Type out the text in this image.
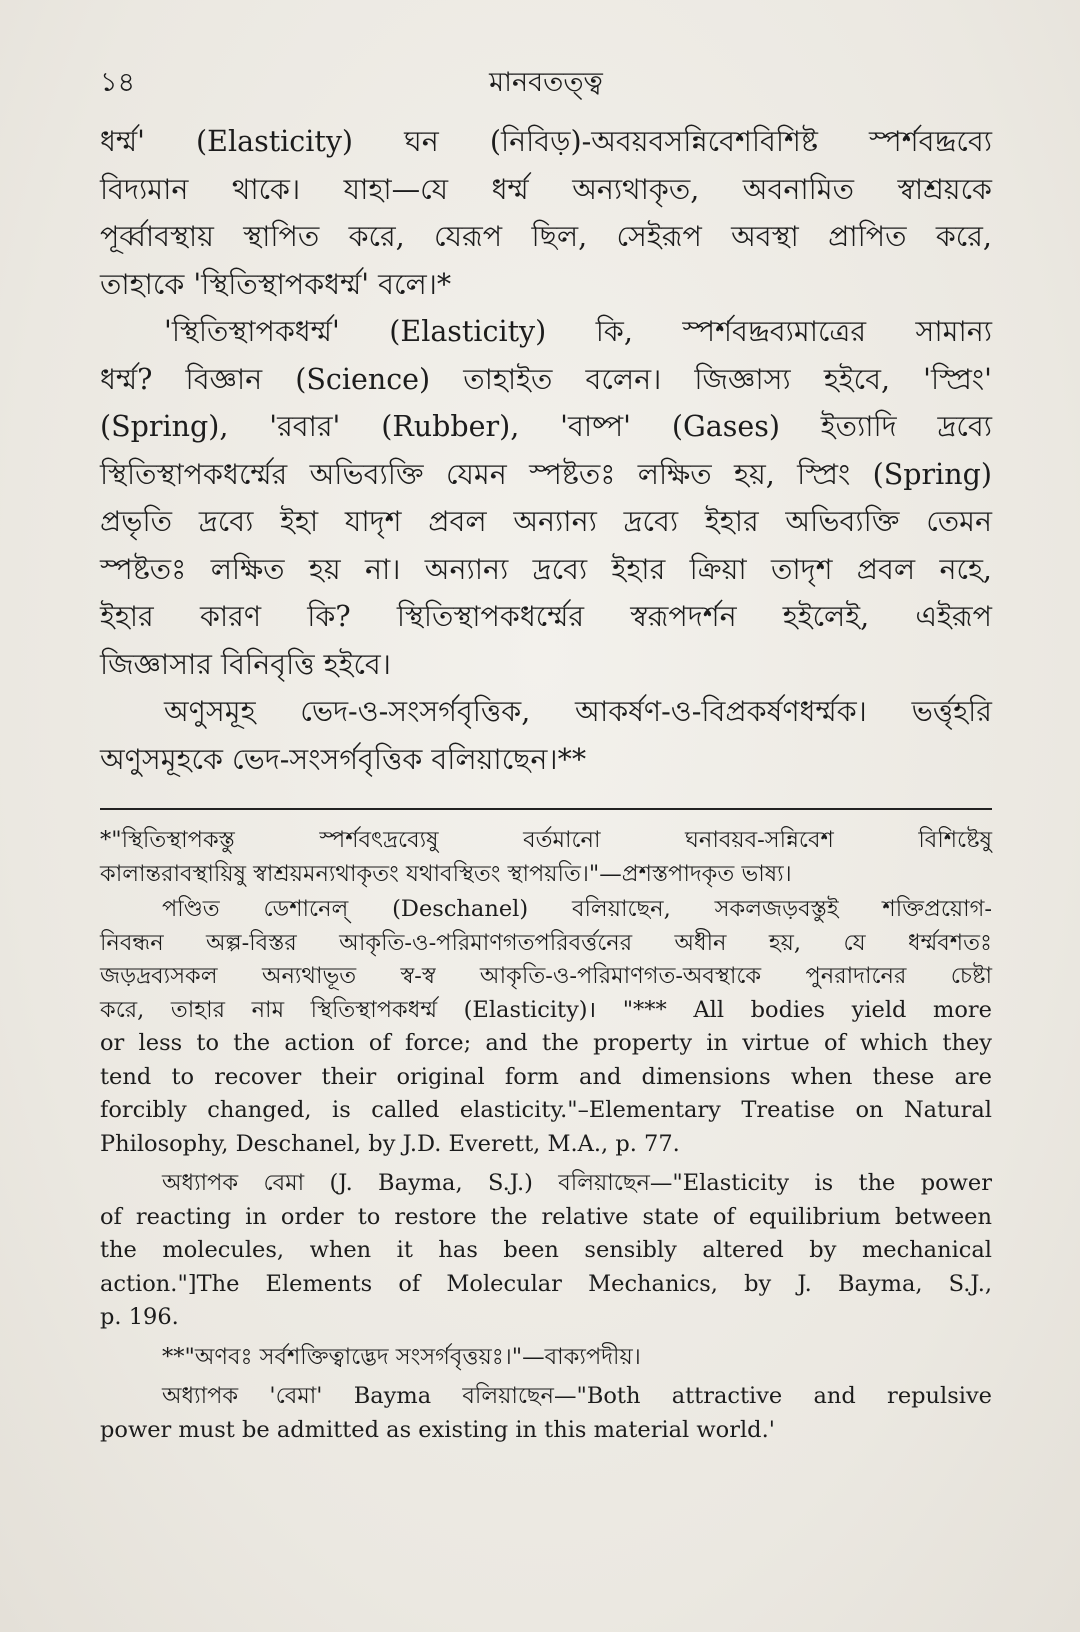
১৪	মানবতত্ত্ব
ধর্ম্ম' (Elasticity) ঘন (নিবিড়)-অবয়বসন্নিবেশবিশিষ্ট স্পর্শবদ্দ্রব্যে
বিদ্যমান থাকে। যাহা—যে ধর্ম্ম অন্যথাকৃত, অবনামিত স্বাশ্রয়কে
পূর্ব্বাবস্থায় স্থাপিত করে, যেরূপ ছিল, সেইরূপ অবস্থা প্রাপিত করে,
তাহাকে 'স্থিতিস্থাপকধর্ম্ম' বলে।*
'স্থিতিস্থাপকধর্ম্ম' (Elasticity) কি, স্পর্শবদ্দ্রব্যমাত্রের সামান্য
ধর্ম্ম? বিজ্ঞান (Science) তাহাইত বলেন। জিজ্ঞাস্য হইবে, 'স্প্রিং'
(Spring), 'রবার' (Rubber), 'বাষ্প' (Gases) ইত্যাদি দ্রব্যে
স্থিতিস্থাপকধর্ম্মের অভিব্যক্তি যেমন স্পষ্টতঃ লক্ষিত হয়, স্প্রিং (Spring)
প্রভৃতি দ্রব্যে ইহা যাদৃশ প্রবল অন্যান্য দ্রব্যে ইহার অভিব্যক্তি তেমন
স্পষ্টতঃ লক্ষিত হয় না। অন্যান্য দ্রব্যে ইহার ক্রিয়া তাদৃশ প্রবল নহে,
ইহার কারণ কি? স্থিতিস্থাপকধর্ম্মের স্বরূপদর্শন হইলেই, এইরূপ
জিজ্ঞাসার বিনিবৃত্তি হইবে।
অণুসমূহ ভেদ-ও-সংসর্গবৃত্তিক, আকর্ষণ-ও-বিপ্রকর্ষণধর্ম্মক। ভর্ত্তৃহরি
অণুসমূহকে ভেদ-সংসর্গবৃত্তিক বলিয়াছেন।**
*"স্থিতিস্থাপকস্তু স্পর্শবৎদ্রব্যেষু বর্তমানো ঘনাবয়ব-সন্নিবেশ বিশিষ্টেষু
কালান্তরাবস্থায়িষু স্বাশ্রয়মন্যথাকৃতং যথাবস্থিতং স্থাপয়তি।"—প্রশস্তপাদকৃত ভাষ্য।
পণ্ডিত ডেশানেল্ (Deschanel) বলিয়াছেন, সকলজড়বস্তুই শক্তিপ্রয়োগ-
নিবন্ধন অল্প-বিস্তর আকৃতি-ও-পরিমাণগতপরিবর্ত্তনের অধীন হয়, যে ধর্ম্মবশতঃ
জড়দ্রব্যসকল অন্যথাভূত স্ব-স্ব আকৃতি-ও-পরিমাণগত-অবস্থাকে পুনরাদানের চেষ্টা
করে, তাহার নাম স্থিতিস্থাপকধর্ম্ম (Elasticity)। "*** All bodies yield more
or less to the action of force; and the property in virtue of which they
tend to recover their original form and dimensions when these are
forcibly changed, is called elasticity."–Elementary Treatise on Natural
Philosophy, Deschanel, by J.D. Everett, M.A., p. 77.
অধ্যাপক বেমা (J. Bayma, S.J.) বলিয়াছেন—"Elasticity is the power
of reacting in order to restore the relative state of equilibrium between
the molecules, when it has been sensibly altered by mechanical
action."]The Elements of Molecular Mechanics, by J. Bayma, S.J.,
p. 196.
**"অণবঃ সর্বশক্তিত্বাদ্ভেদ সংসর্গবৃত্তয়ঃ।"—বাক্যপদীয়।
অধ্যাপক 'বেমা' Bayma বলিয়াছেন—"Both attractive and repulsive
power must be admitted as existing in this material world.'
